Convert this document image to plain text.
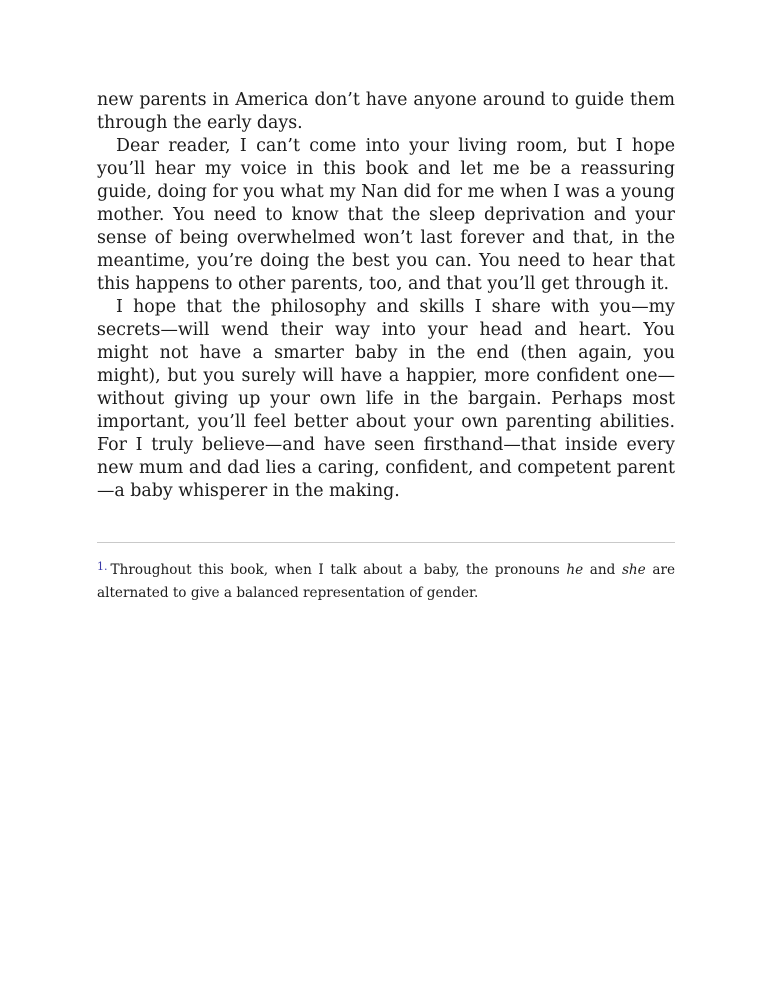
new parents in America don’t have anyone around to guide them through the early days.

Dear reader, I can’t come into your living room, but I hope you’ll hear my voice in this book and let me be a reassuring guide, doing for you what my Nan did for me when I was a young mother. You need to know that the sleep deprivation and your sense of being overwhelmed won’t last forever and that, in the meantime, you’re doing the best you can. You need to hear that this happens to other parents, too, and that you’ll get through it.

I hope that the philosophy and skills I share with you—my secrets—will wend their way into your head and heart. You might not have a smarter baby in the end (then again, you might), but you surely will have a happier, more confident one—without giving up your own life in the bargain. Perhaps most important, you’ll feel better about your own parenting abilities. For I truly believe—and have seen firsthand—that inside every new mum and dad lies a caring, confident, and competent parent—a baby whisperer in the making.

$^{1.}$ Throughout this book, when I talk about a baby, the pronouns he and she are alternated to give a balanced representation of gender.
